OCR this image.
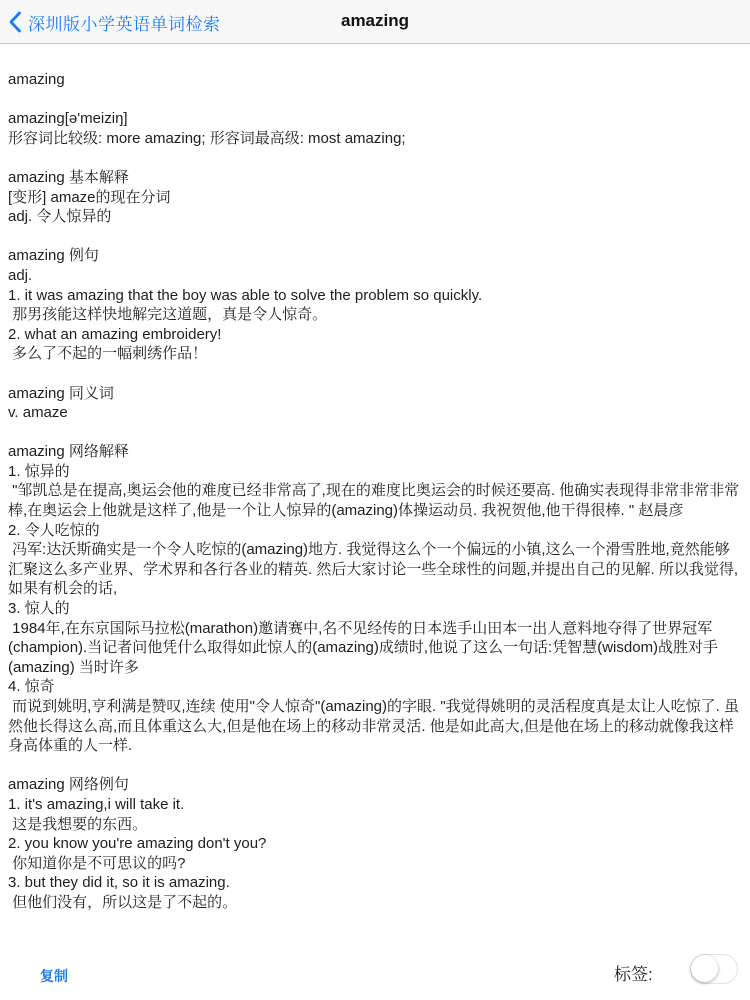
深圳版小学英语单词检索	amazing
amazing
amazing[ə'meiziŋ]
形容词比较级: more amazing; 形容词最高级: most amazing;
amazing 基本解释
[变形] amaze的现在分词
adj. 令人惊异的
amazing 例句
adj.
1. it was amazing that the boy was able to solve the problem so quickly.
那男孩能这样快地解完这道题，真是令人惊奇。
2. what an amazing embroidery!
多么了不起的一幅刺绣作品！
amazing 同义词
v. amaze
amazing 网络解释
1. 惊异的
"邹凯总是在提高,奥运会他的难度已经非常高了,现在的难度比奥运会的时候还要高. 他确实表现得非常非常非常棒,在奥运会上他就是这样了,他是一个让人惊异的(amazing)体操运动员. 我祝贺他,他干得很棒. " 赵晨彦
2. 令人吃惊的
冯军:达沃斯确实是一个令人吃惊的(amazing)地方. 我觉得这么个一个偏远的小镇,这么一个滑雪胜地,竟然能够汇聚这么多产业界、学术界和各行各业的精英. 然后大家讨论一些全球性的问题,并提出自己的见解. 所以我觉得,如果有机会的话,
3. 惊人的
1984年,在东京国际马拉松(marathon)邀请赛中,名不见经传的日本选手山田本一出人意料地夺得了世界冠军(champion).当记者问他凭什么取得如此惊人的(amazing)成绩时,他说了这么一句话:凭智慧(wisdom)战胜对手(amazing) 当时许多
4. 惊奇
而说到姚明,亨利满是赞叹,连续 使用"令人惊奇"(amazing)的字眼. "我觉得姚明的灵活程度真是太让人吃惊了. 虽然他长得这么高,而且体重这么大,但是他在场上的移动非常灵活. 他是如此高大,但是他在场上的移动就像我这样身高体重的人一样.
amazing 网络例句
1. it's amazing,i will take it.
这是我想要的东西。
2. you know you're amazing don't you?
你知道你是不可思议的吗?
3. but they did it, so it is amazing.
但他们没有，所以这是了不起的。
复制	标签:
